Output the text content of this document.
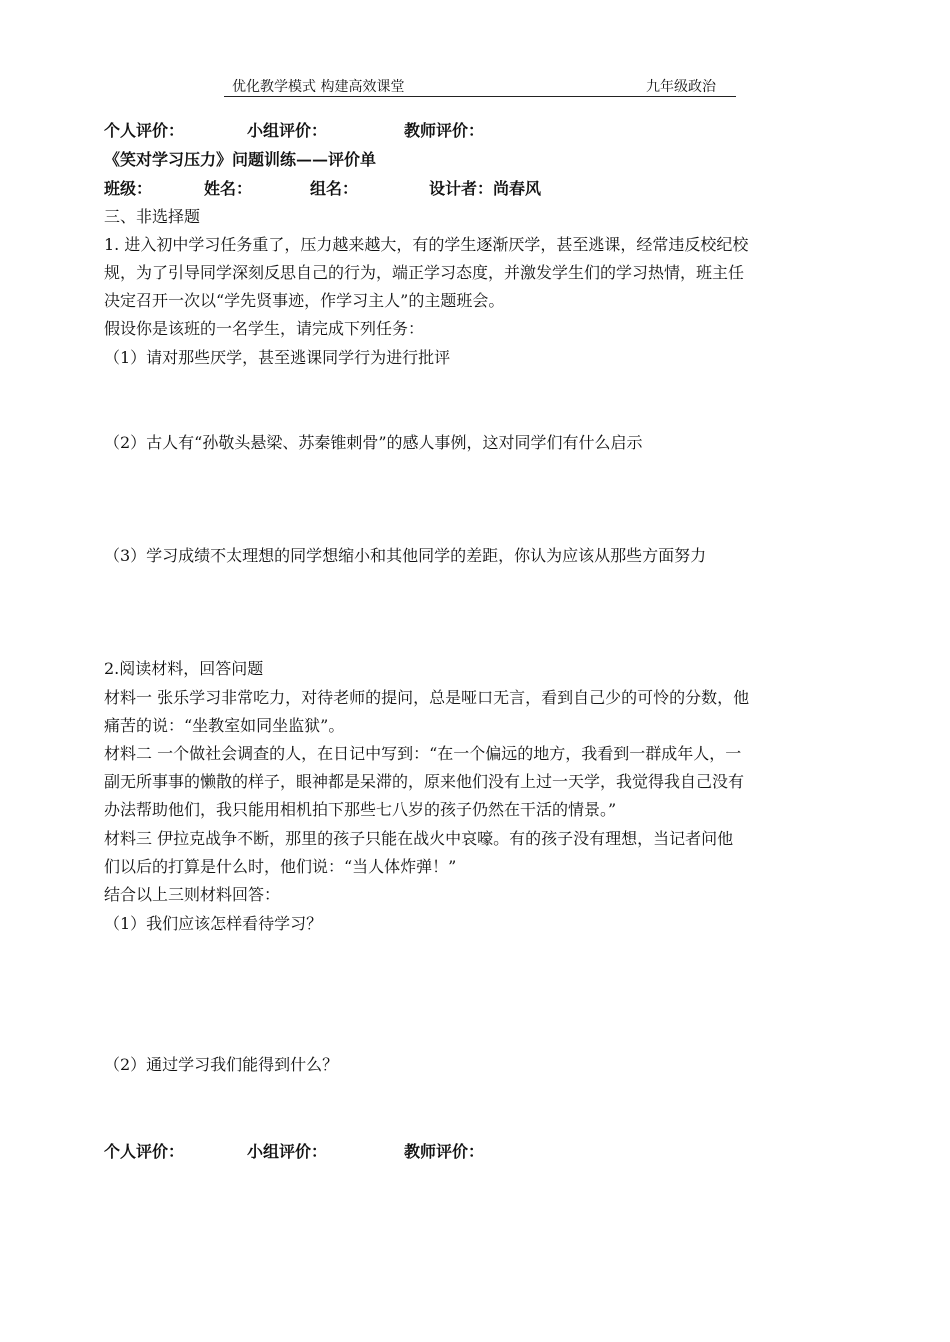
优化教学模式 构建高效课堂	九年级政治
个人评价：	小组评价：	教师评价：
《笑对学习压力》问题训练——评价单
班级：	姓名：	组名：	设计者：尚春风
三、非选择题
1. 进入初中学习任务重了，压力越来越大，有的学生逐渐厌学，甚至逃课，经常违反校纪校
规，为了引导同学深刻反思自己的行为，端正学习态度，并激发学生们的学习热情，班主任
决定召开一次以“学先贤事迹，作学习主人”的主题班会。
假设你是该班的一名学生，请完成下列任务：
（1）请对那些厌学，甚至逃课同学行为进行批评
（2）古人有“孙敬头悬梁、苏秦锥刺骨”的感人事例，这对同学们有什么启示
（3）学习成绩不太理想的同学想缩小和其他同学的差距，你认为应该从那些方面努力
2.阅读材料，回答问题
材料一 张乐学习非常吃力，对待老师的提问，总是哑口无言，看到自己少的可怜的分数，他
痛苦的说：“坐教室如同坐监狱”。
材料二 一个做社会调查的人，在日记中写到：“在一个偏远的地方，我看到一群成年人，一
副无所事事的懒散的样子，眼神都是呆滞的，原来他们没有上过一天学，我觉得我自己没有
办法帮助他们，我只能用相机拍下那些七八岁的孩子仍然在干活的情景。”
材料三 伊拉克战争不断，那里的孩子只能在战火中哀嚎。有的孩子没有理想，当记者问他
们以后的打算是什么时，他们说：“当人体炸弹！”
结合以上三则材料回答：
（1）我们应该怎样看待学习？
（2）通过学习我们能得到什么？
个人评价：	小组评价：	教师评价：
